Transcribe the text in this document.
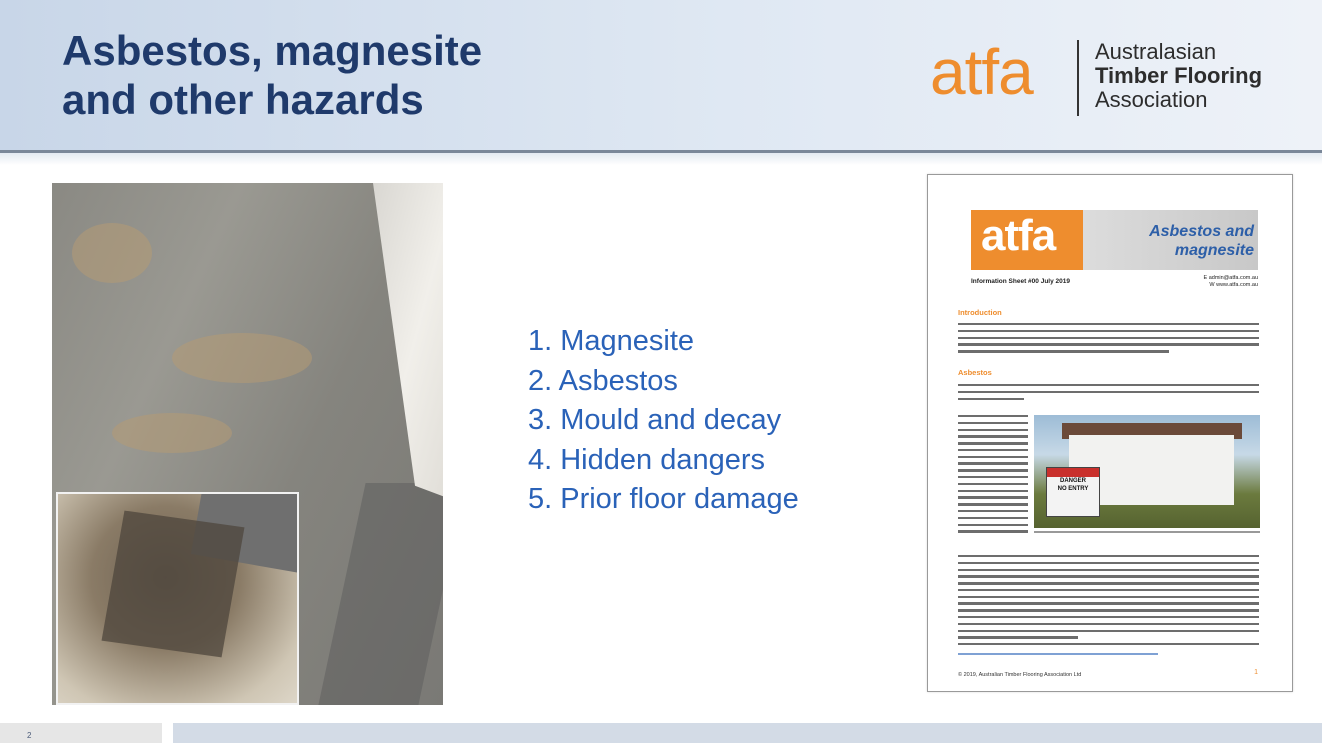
Asbestos, magnesite
and other hazards	atfa	Australasian
Timber Flooring
Association
1. Magnesite
2. Asbestos
3. Mould and decay
4. Hidden dangers
5. Prior floor damage
atfa	Asbestos and
magnesite
Information Sheet #00 July 2019	E admin@atfa.com.au
W www.atfa.com.au
Introduction
Asbestos
DANGER
NO ENTRY
© 2019, Australian Timber Flooring Association Ltd	1
2
